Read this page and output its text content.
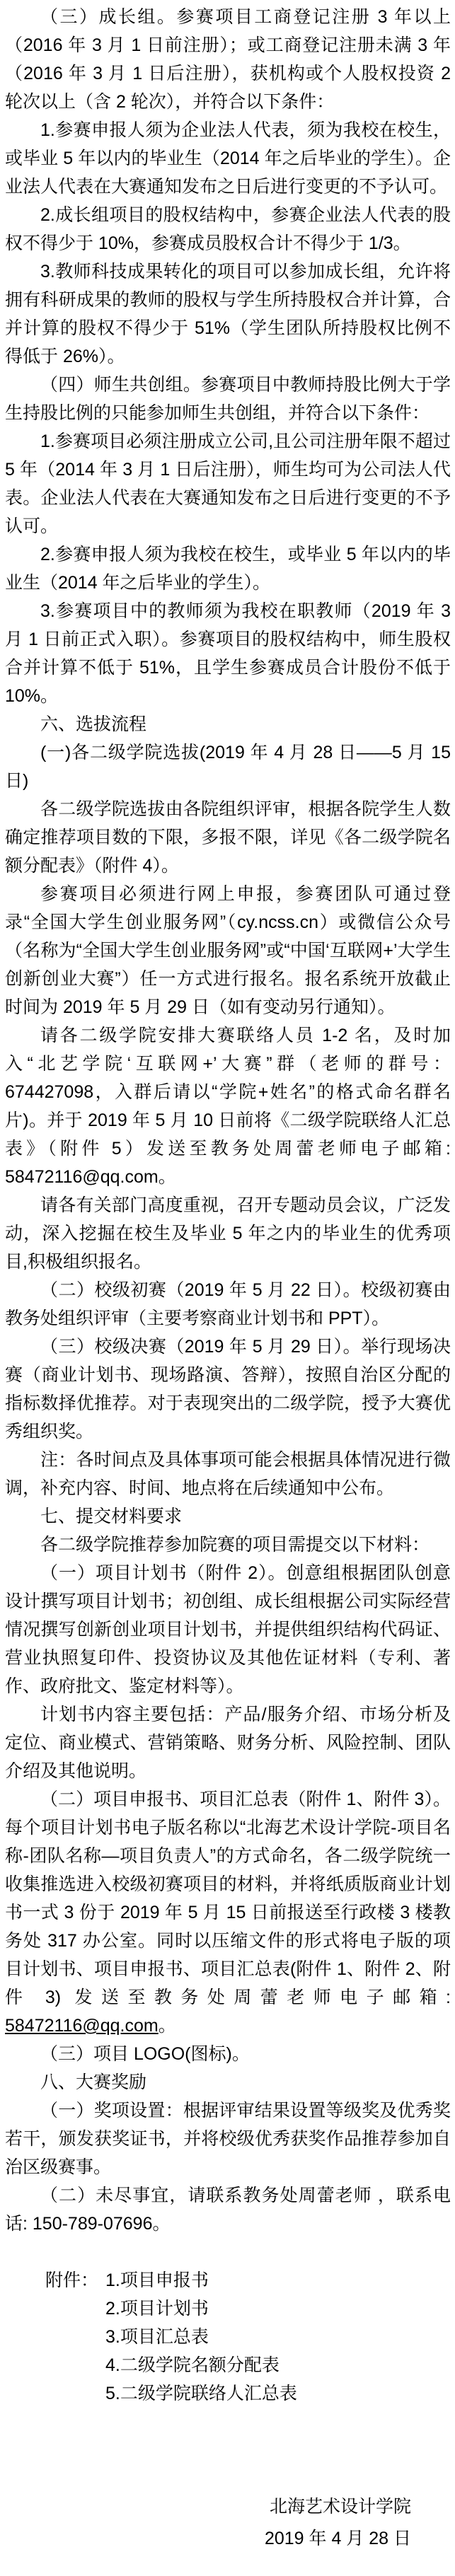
（三）成长组。参赛项目工商登记注册 3 年以上（2016 年 3 月 1 日前注册）；或工商登记注册未满 3 年（2016 年 3 月 1 日后注册），获机构或个人股权投资 2 轮次以上（含 2 轮次），并符合以下条件：

1.参赛申报人须为企业法人代表，须为我校在校生，或毕业 5 年以内的毕业生（2014 年之后毕业的学生）。企业法人代表在大赛通知发布之日后进行变更的不予认可。

2.成长组项目的股权结构中，参赛企业法人代表的股权不得少于 10%，参赛成员股权合计不得少于 1/3。

3.教师科技成果转化的项目可以参加成长组，允许将拥有科研成果的教师的股权与学生所持股权合并计算，合并计算的股权不得少于 51%（学生团队所持股权比例不得低于 26%）。

（四）师生共创组。参赛项目中教师持股比例大于学生持股比例的只能参加师生共创组，并符合以下条件：

1.参赛项目必须注册成立公司,且公司注册年限不超过 5 年（2014 年 3 月 1 日后注册），师生均可为公司法人代表。企业法人代表在大赛通知发布之日后进行变更的不予认可。

2.参赛申报人须为我校在校生，或毕业 5 年以内的毕业生（2014 年之后毕业的学生）。

3.参赛项目中的教师须为我校在职教师（2019 年 3 月 1 日前正式入职）。参赛项目的股权结构中，师生股权合并计算不低于 51%，且学生参赛成员合计股份不低于 10%。

六、选拔流程

(一)各二级学院选拔(2019 年 4 月 28 日——5 月 15 日)

各二级学院选拔由各院组织评审，根据各院学生人数确定推荐项目数的下限，多报不限，详见《各二级学院名额分配表》（附件 4）。

参赛项目必须进行网上申报，参赛团队可通过登录“全国大学生创业服务网”（cy.ncss.cn）或微信公众号（名称为“全国大学生创业服务网”或“中国‘互联网+’大学生创新创业大赛”）任一方式进行报名。报名系统开放截止时间为 2019 年 5 月 29 日（如有变动另行通知）。

请各二级学院安排大赛联络人员 1-2 名，及时加入“北艺学院‘互联网+’大赛”群（老师的群号：674427098，入群后请以“学院+姓名”的格式命名群名片)。并于 2019 年 5 月 10 日前将《二级学院联络人汇总表》（附件 5）发送至教务处周蕾老师电子邮箱: 58472116@qq.com。

请各有关部门高度重视，召开专题动员会议，广泛发动，深入挖掘在校生及毕业 5 年之内的毕业生的优秀项目,积极组织报名。

（二）校级初赛（2019 年 5 月 22 日）。校级初赛由教务处组织评审（主要考察商业计划书和 PPT）。

（三）校级决赛（2019 年 5 月 29 日）。举行现场决赛（商业计划书、现场路演、答辩），按照自治区分配的指标数择优推荐。对于表现突出的二级学院，授予大赛优秀组织奖。

注：各时间点及具体事项可能会根据具体情况进行微调，补充内容、时间、地点将在后续通知中公布。

七、提交材料要求

各二级学院推荐参加院赛的项目需提交以下材料：

（一）项目计划书（附件 2）。创意组根据团队创意设计撰写项目计划书；初创组、成长组根据公司实际经营情况撰写创新创业项目计划书，并提供组织结构代码证、营业执照复印件、投资协议及其他佐证材料（专利、著作、政府批文、鉴定材料等）。

计划书内容主要包括：产品/服务介绍、市场分析及定位、商业模式、营销策略、财务分析、风险控制、团队介绍及其他说明。

（二）项目申报书、项目汇总表（附件 1、附件 3）。每个项目计划书电子版名称以“北海艺术设计学院-项目名称-团队名称—项目负责人”的方式命名，各二级学院统一收集推选进入校级初赛项目的材料，并将纸质版商业计划书一式 3 份于 2019 年 5 月 15 日前报送至行政楼 3 楼教务处 317 办公室。同时以压缩文件的形式将电子版的项目计划书、项目申报书、项目汇总表(附件 1、附件 2、附件 3) 发送至教务处周蕾老师电子邮箱: 58472116@qq.com。

（三）项目 LOGO(图标)。

八、大赛奖励

（一）奖项设置：根据评审结果设置等级奖及优秀奖若干，颁发获奖证书，并将校级优秀获奖作品推荐参加自治区级赛事。

（二）未尽事宜，请联系教务处周蕾老师 ，联系电话: 150-789-07696。

附件： 1.项目申报书
2.项目计划书
3.项目汇总表
4.二级学院名额分配表
5.二级学院联络人汇总表
北海艺术设计学院
2019 年 4 月 28 日
